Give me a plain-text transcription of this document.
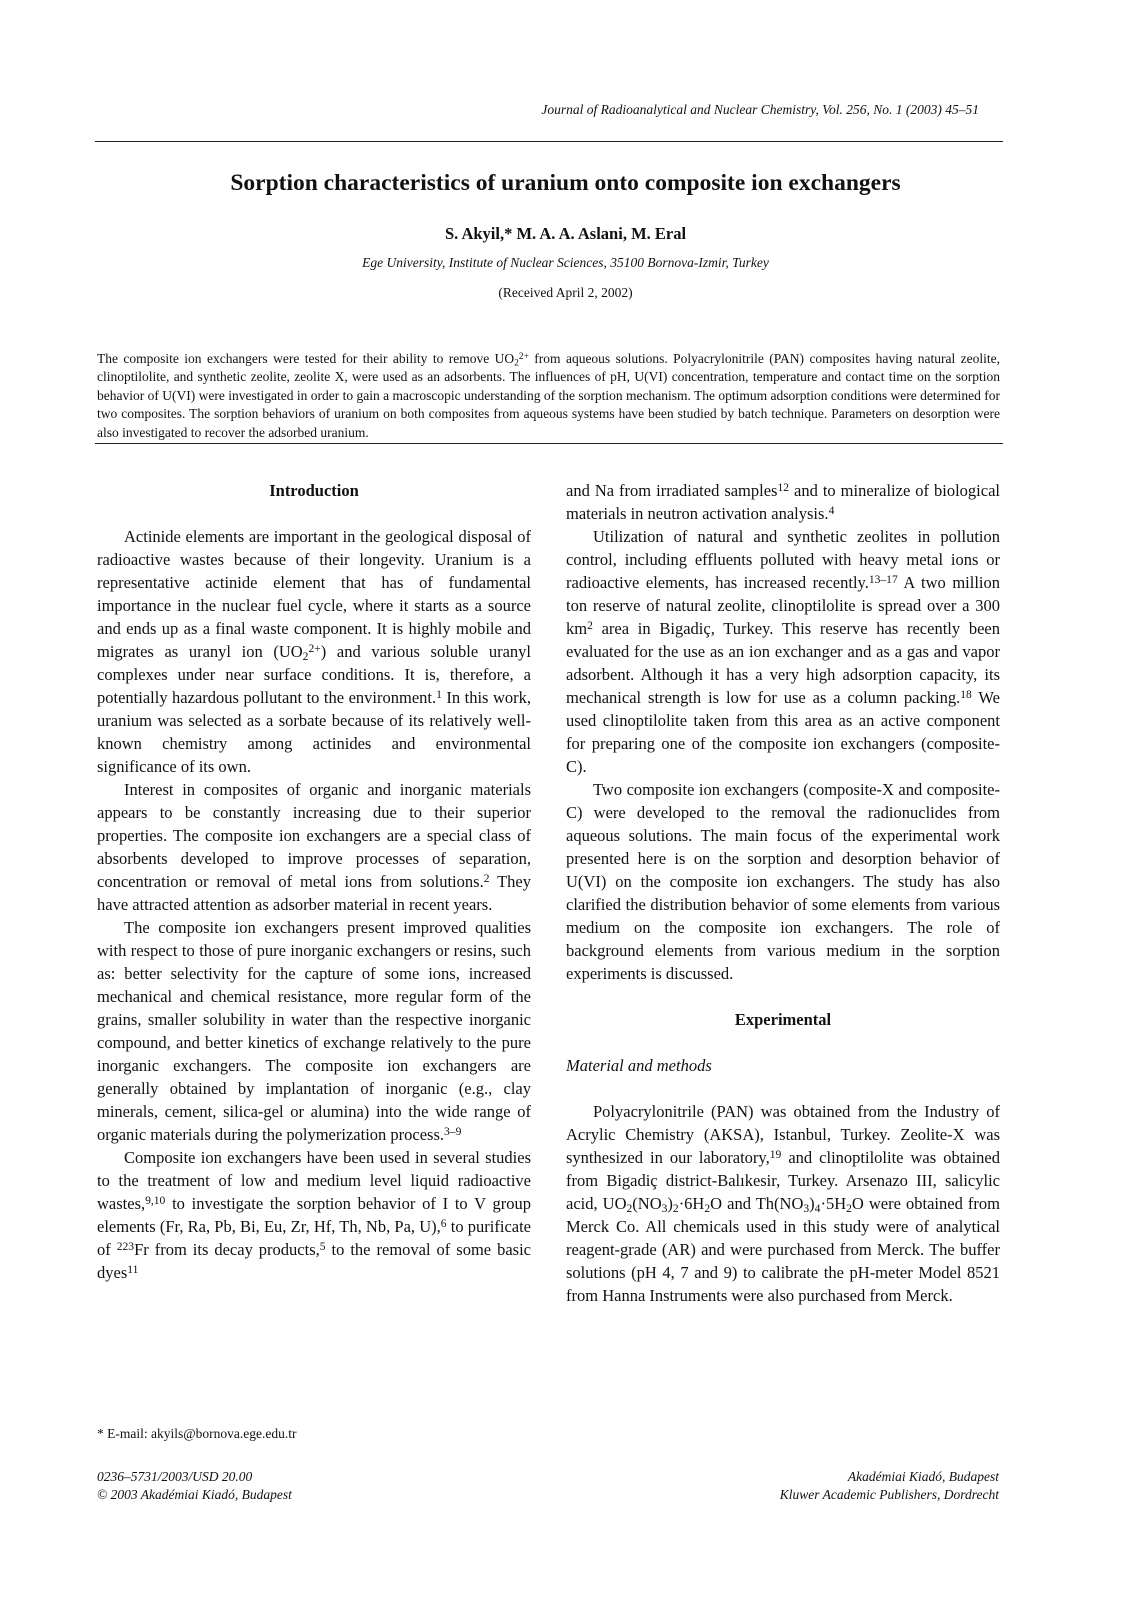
Journal of Radioanalytical and Nuclear Chemistry, Vol. 256, No. 1 (2003) 45–51
Sorption characteristics of uranium onto composite ion exchangers
S. Akyil,* M. A. A. Aslani, M. Eral
Ege University, Institute of Nuclear Sciences, 35100 Bornova-Izmir, Turkey
(Received April 2, 2002)
The composite ion exchangers were tested for their ability to remove $UO_2^{2+}$ from aqueous solutions. Polyacrylonitrile (PAN) composites having natural zeolite, clinoptilolite, and synthetic zeolite, zeolite X, were used as an adsorbents. The influences of pH, U(VI) concentration, temperature and contact time on the sorption behavior of U(VI) were investigated in order to gain a macroscopic understanding of the sorption mechanism. The optimum adsorption conditions were determined for two composites. The sorption behaviors of uranium on both composites from aqueous systems have been studied by batch technique. Parameters on desorption were also investigated to recover the adsorbed uranium.

Introduction

Actinide elements are important in the geological disposal of radioactive wastes because of their longevity. Uranium is a representative actinide element that has of fundamental importance in the nuclear fuel cycle, where it starts as a source and ends up as a final waste component. It is highly mobile and migrates as uranyl ion $(UO_2^{2+})$ and various soluble uranyl complexes under near surface conditions. It is, therefore, a potentially hazardous pollutant to the environment.$^1$ In this work, uranium was selected as a sorbate because of its relatively well-known chemistry among actinides and environmental significance of its own.

Interest in composites of organic and inorganic materials appears to be constantly increasing due to their superior properties. The composite ion exchangers are a special class of absorbents developed to improve processes of separation, concentration or removal of metal ions from solutions.$^2$ They have attracted attention as adsorber material in recent years.

The composite ion exchangers present improved qualities with respect to those of pure inorganic exchangers or resins, such as: better selectivity for the capture of some ions, increased mechanical and chemical resistance, more regular form of the grains, smaller solubility in water than the respective inorganic compound, and better kinetics of exchange relatively to the pure inorganic exchangers. The composite ion exchangers are generally obtained by implantation of inorganic (e.g., clay minerals, cement, silica-gel or alumina) into the wide range of organic materials during the polymerization process.$^{3-9}$

Composite ion exchangers have been used in several studies to the treatment of low and medium level liquid radioactive wastes,$^{9,10}$ to investigate the sorption behavior of I to V group elements (Fr, Ra, Pb, Bi, Eu, Zr, Hf, Th, Nb, Pa, U),$^6$ to purificate of $^{223}$Fr from its decay products,$^5$ to the removal of some basic dyes$^{11}$

and Na from irradiated samples$^{12}$ and to mineralize of biological materials in neutron activation analysis.$^4$

Utilization of natural and synthetic zeolites in pollution control, including effluents polluted with heavy metal ions or radioactive elements, has increased recently.$^{13-17}$ A two million ton reserve of natural zeolite, clinoptilolite is spread over a 300 $km^2$ area in Bigadiç, Turkey. This reserve has recently been evaluated for the use as an ion exchanger and as a gas and vapor adsorbent. Although it has a very high adsorption capacity, its mechanical strength is low for use as a column packing.$^{18}$ We used clinoptilolite taken from this area as an active component for preparing one of the composite ion exchangers (composite-C).

Two composite ion exchangers (composite-X and composite-C) were developed to the removal the radionuclides from aqueous solutions. The main focus of the experimental work presented here is on the sorption and desorption behavior of U(VI) on the composite ion exchangers. The study has also clarified the distribution behavior of some elements from various medium on the composite ion exchangers. The role of background elements from various medium in the sorption experiments is discussed.

Experimental

Material and methods

Polyacrylonitrile (PAN) was obtained from the Industry of Acrylic Chemistry (AKSA), Istanbul, Turkey. Zeolite-X was synthesized in our laboratory,$^{19}$ and clinoptilolite was obtained from Bigadiç district-Balıkesir, Turkey. Arsenazo III, salicylic acid, $UO_2(NO_3)_2\cdot 6H_2O$ and $Th(NO_3)_4\cdot 5H_2O$ were obtained from Merck Co. All chemicals used in this study were of analytical reagent-grade (AR) and were purchased from Merck. The buffer solutions (pH 4, 7 and 9) to calibrate the pH-meter Model 8521 from Hanna Instruments were also purchased from Merck.

* E-mail: akyils@bornova.ege.edu.tr
0236–5731/2003/USD 20.00
© 2003 Akadémiai Kiadó, Budapest
Akadémiai Kiadó, Budapest
Kluwer Academic Publishers, Dordrecht
